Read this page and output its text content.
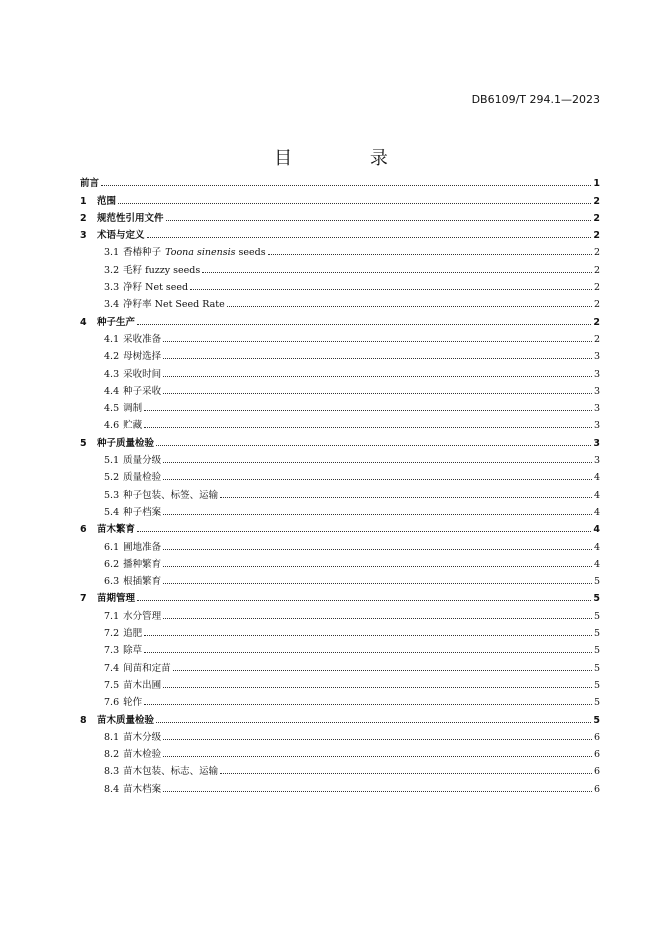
DB6109/T 294.1—2023
目 录
前言	1
1	范围	2
2	规范性引用文件	2
3	术语与定义	2
3.1 香椿种子 Toona sinensis seeds	2
3.2 毛籽 fuzzy seeds	2
3.3 净籽 Net seed	2
3.4 净籽率 Net Seed Rate	2
4	种子生产	2
4.1 采收准备	2
4.2 母树选择	3
4.3 采收时间	3
4.4 种子采收	3
4.5 调制	3
4.6 贮藏	3
5	种子质量检验	3
5.1 质量分级	3
5.2 质量检验	4
5.3 种子包装、标签、运输	4
5.4 种子档案	4
6	苗木繁育	4
6.1 圃地准备	4
6.2 播种繁育	4
6.3 根插繁育	5
7	苗期管理	5
7.1 水分管理	5
7.2 追肥	5
7.3 除草	5
7.4 间苗和定苗	5
7.5 苗木出圃	5
7.6 轮作	5
8	苗木质量检验	5
8.1 苗木分级	6
8.2 苗木检验	6
8.3 苗木包装、标志、运输	6
8.4 苗木档案	6
